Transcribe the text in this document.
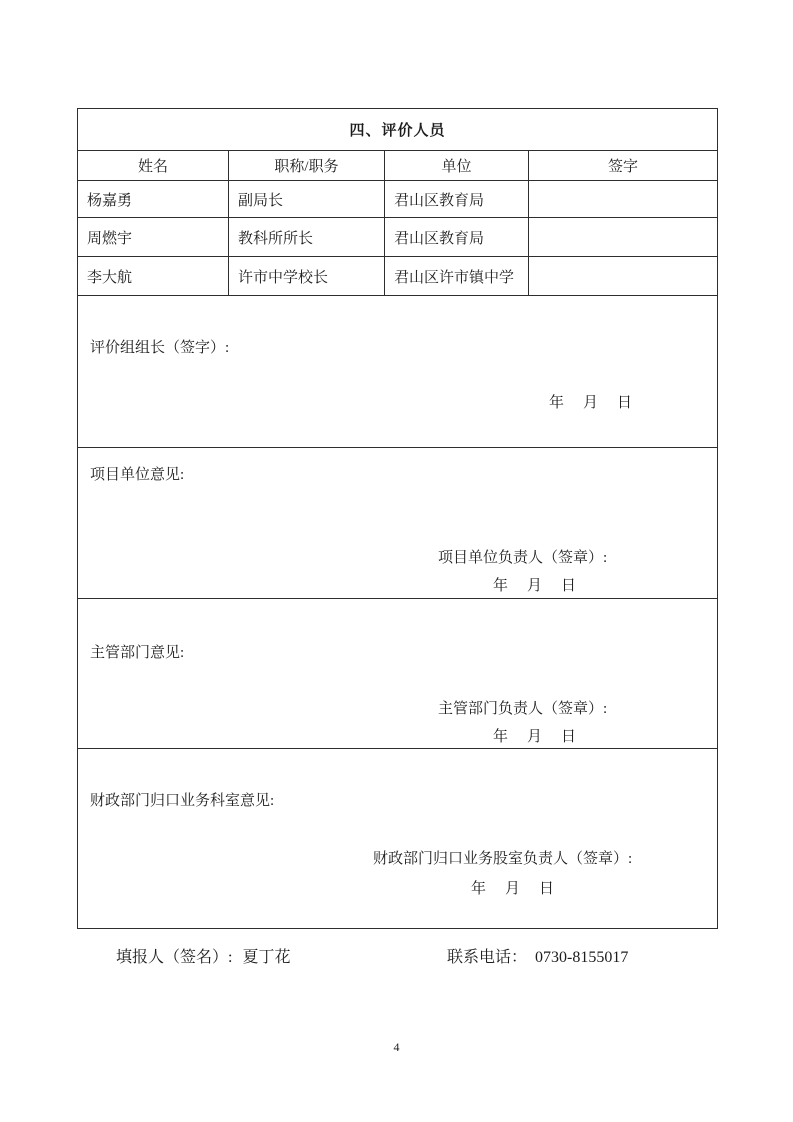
四、评价人员
姓名	职称/职务	单位	签字
杨嘉勇	副局长	君山区教育局
周燃宇	教科所所长	君山区教育局
李大航	许市中学校长	君山区许市镇中学
评价组组长（签字）:
年　月　日
项目单位意见:
项目单位负责人（签章）:
年　月　日
主管部门意见:
主管部门负责人（签章）:
年　月　日
财政部门归口业务科室意见:
财政部门归口业务股室负责人（签章）:
年　月　日
填报人（签名）: 夏丁花	联系电话： 0730-8155017
4
